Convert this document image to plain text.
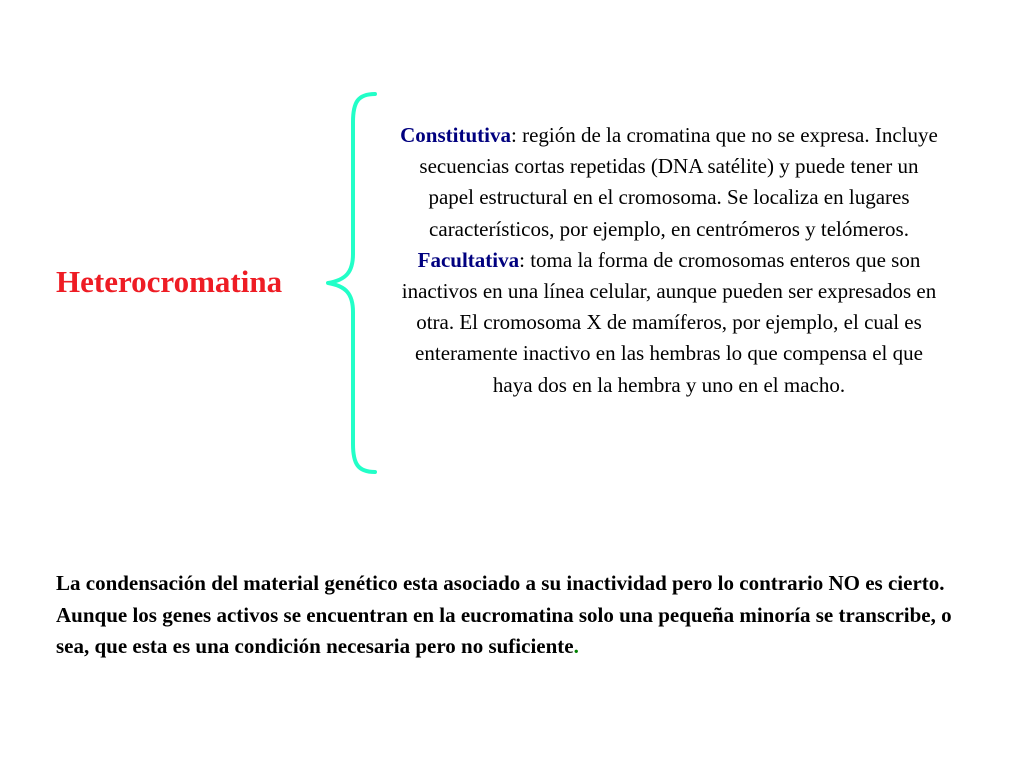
Heterocromatina

Constitutiva: región de la cromatina que no se expresa. Incluye secuencias cortas repetidas (DNA satélite) y puede tener un papel estructural en el cromosoma. Se localiza en lugares característicos, por ejemplo, en centrómeros y telómeros.

Facultativa: toma la forma de cromosomas enteros que son inactivos en una línea celular, aunque pueden ser expresados en otra. El cromosoma X de mamíferos, por ejemplo, el cual es enteramente inactivo en las hembras lo que compensa el que haya dos en la hembra y uno en el macho.

La condensación del material genético esta asociado a su inactividad pero lo contrario NO es cierto. Aunque los genes activos se encuentran en la eucromatina solo una pequeña minoría se transcribe, o sea, que esta es una condición necesaria pero no suficiente.
